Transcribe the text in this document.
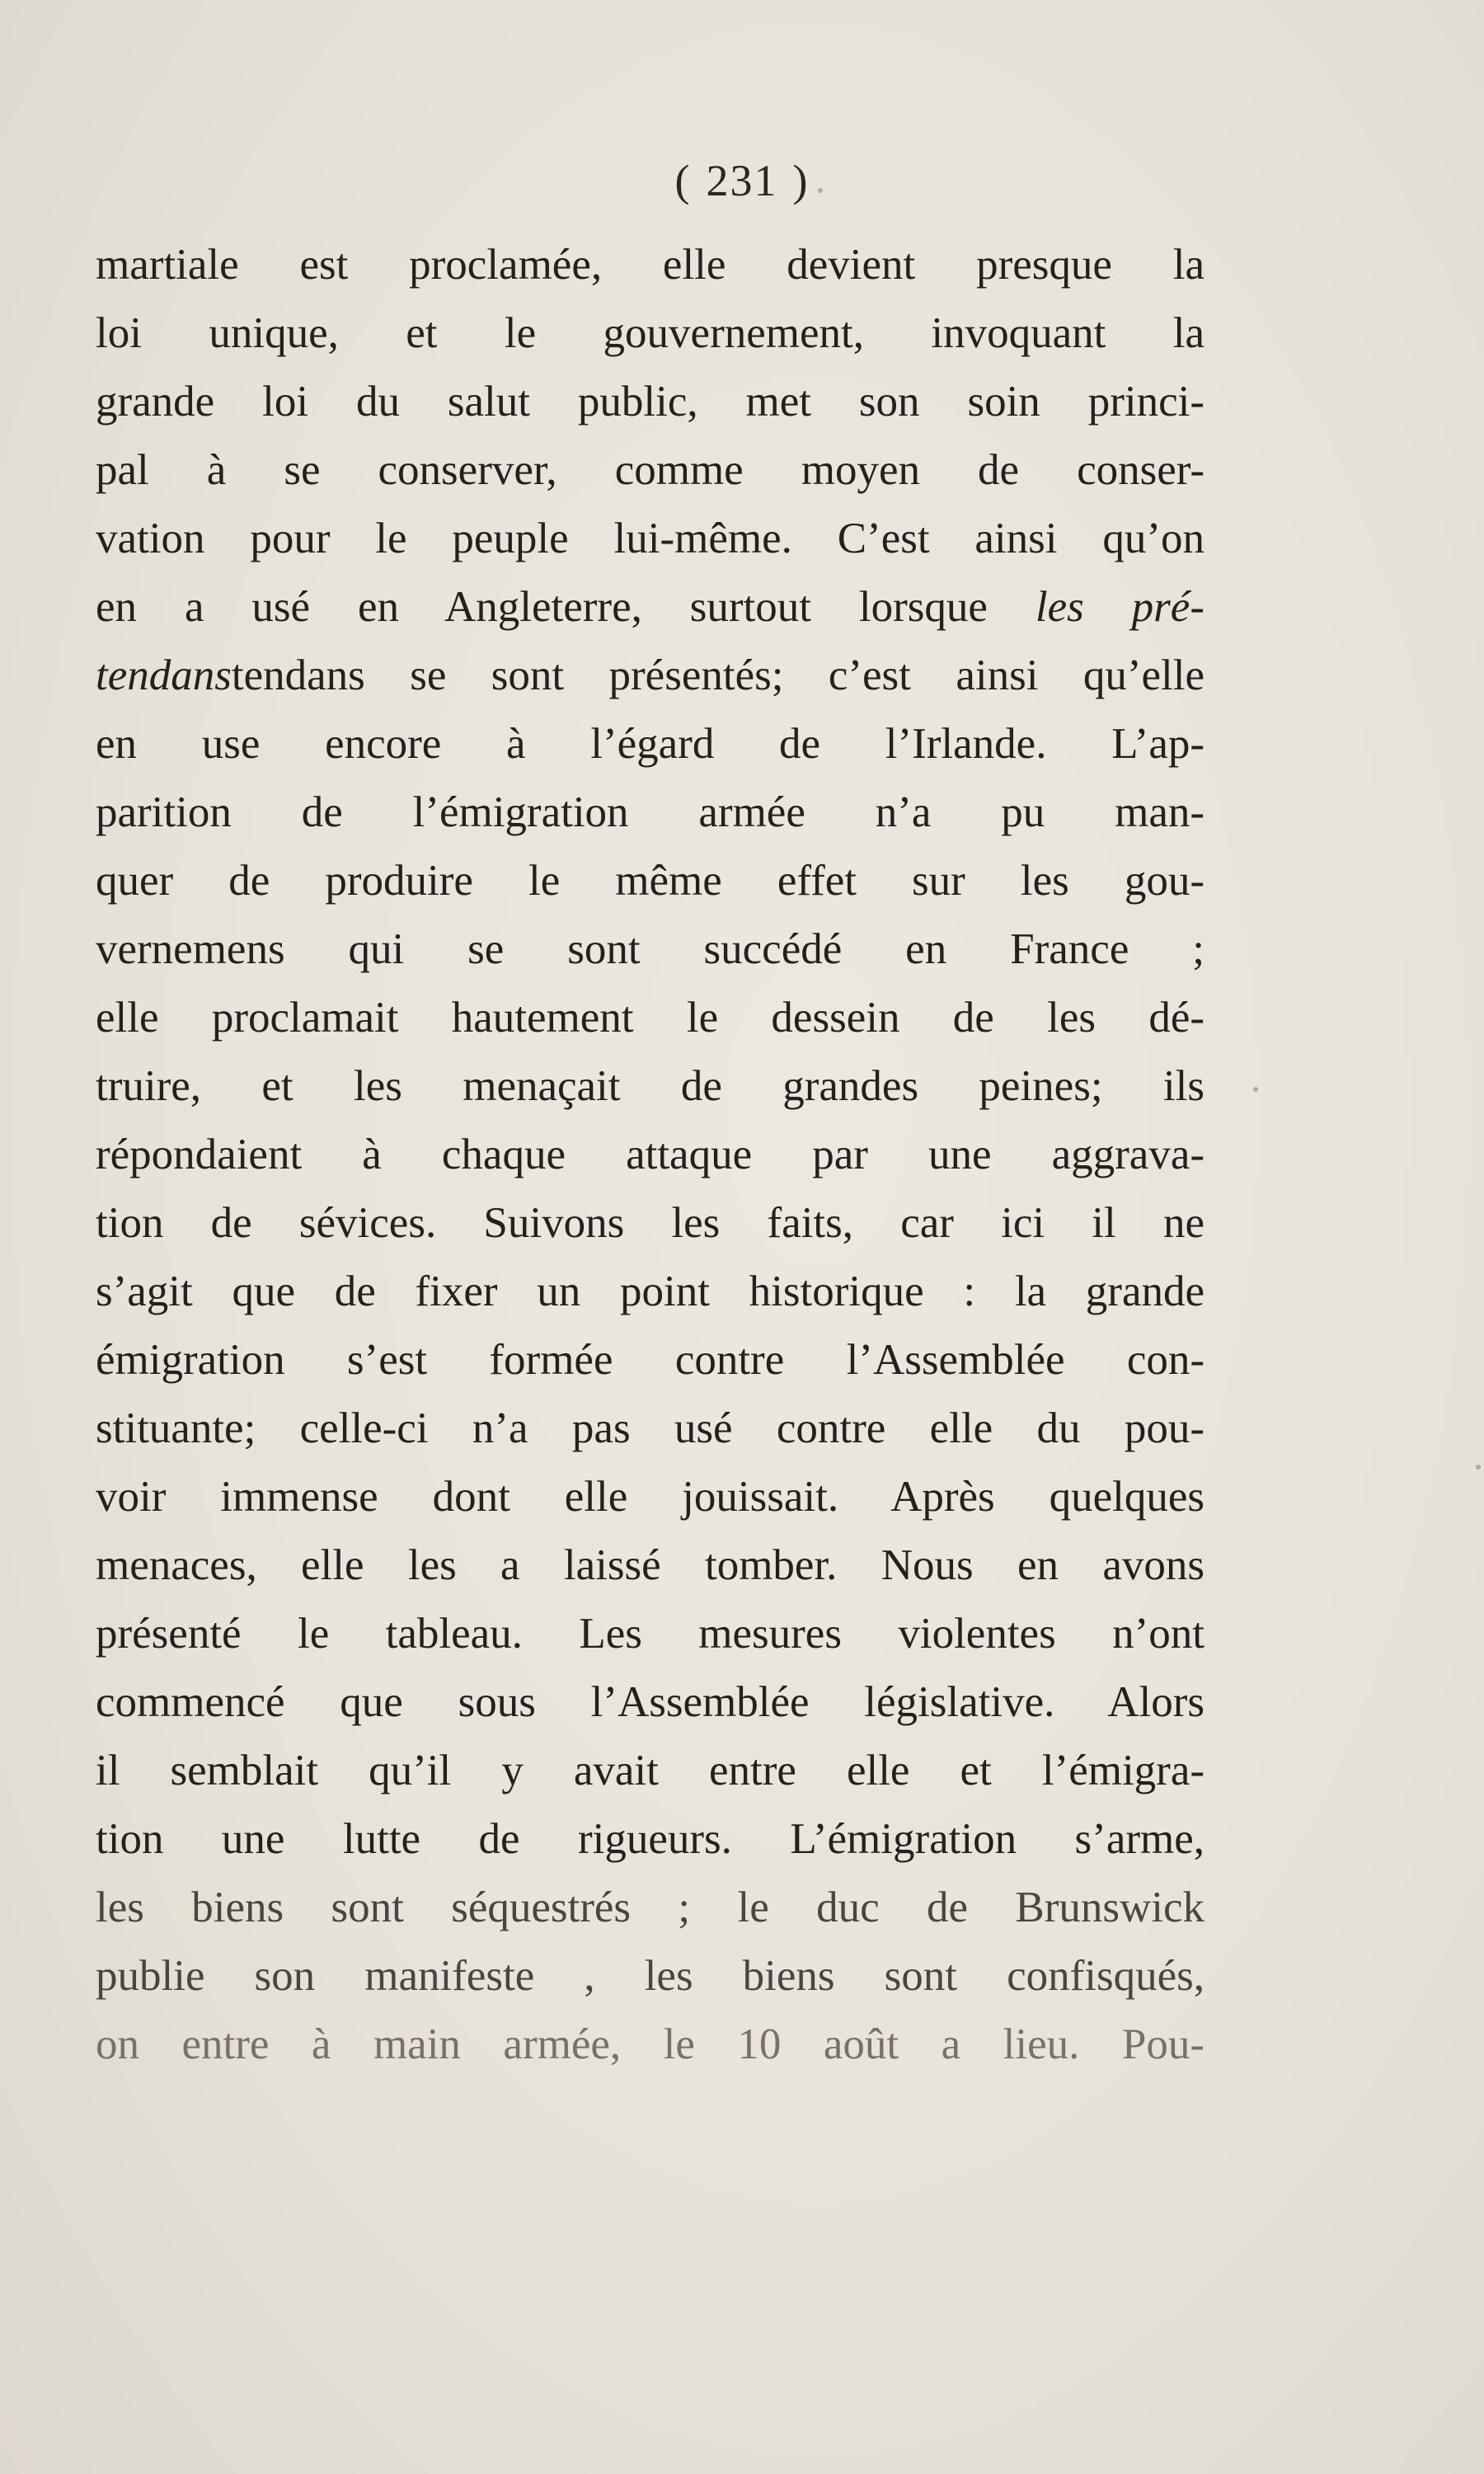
( 231 )
martiale est proclamée, elle devient presque la
loi unique, et le gouvernement, invoquant la
grande loi du salut public, met son soin princi-
pal à se conserver, comme moyen de conser-
vation pour le peuple lui-même. C’est ainsi qu’on
en a usé en Angleterre, surtout lorsque les pré-
tendanstendans se sont présentés; c’est ainsi qu’elle
en use encore à l’égard de l’Irlande. L’ap-
parition de l’émigration armée n’a pu man-
quer de produire le même effet sur les gou-
vernemens qui se sont succédé en France ;
elle proclamait hautement le dessein de les dé-
truire, et les menaçait de grandes peines; ils
répondaient à chaque attaque par une aggrava-
tion de sévices. Suivons les faits, car ici il ne
s’agit que de fixer un point historique : la grande
émigration s’est formée contre l’Assemblée con-
stituante; celle-ci n’a pas usé contre elle du pou-
voir immense dont elle jouissait. Après quelques
menaces, elle les a laissé tomber. Nous en avons
présenté le tableau. Les mesures violentes n’ont
commencé que sous l’Assemblée législative. Alors
il semblait qu’il y avait entre elle et l’émigra-
tion une lutte de rigueurs. L’émigration s’arme,
les biens sont séquestrés ; le duc de Brunswick
publie son manifeste , les biens sont confisqués,
on entre à main armée, le 10 août a lieu. Pou-
